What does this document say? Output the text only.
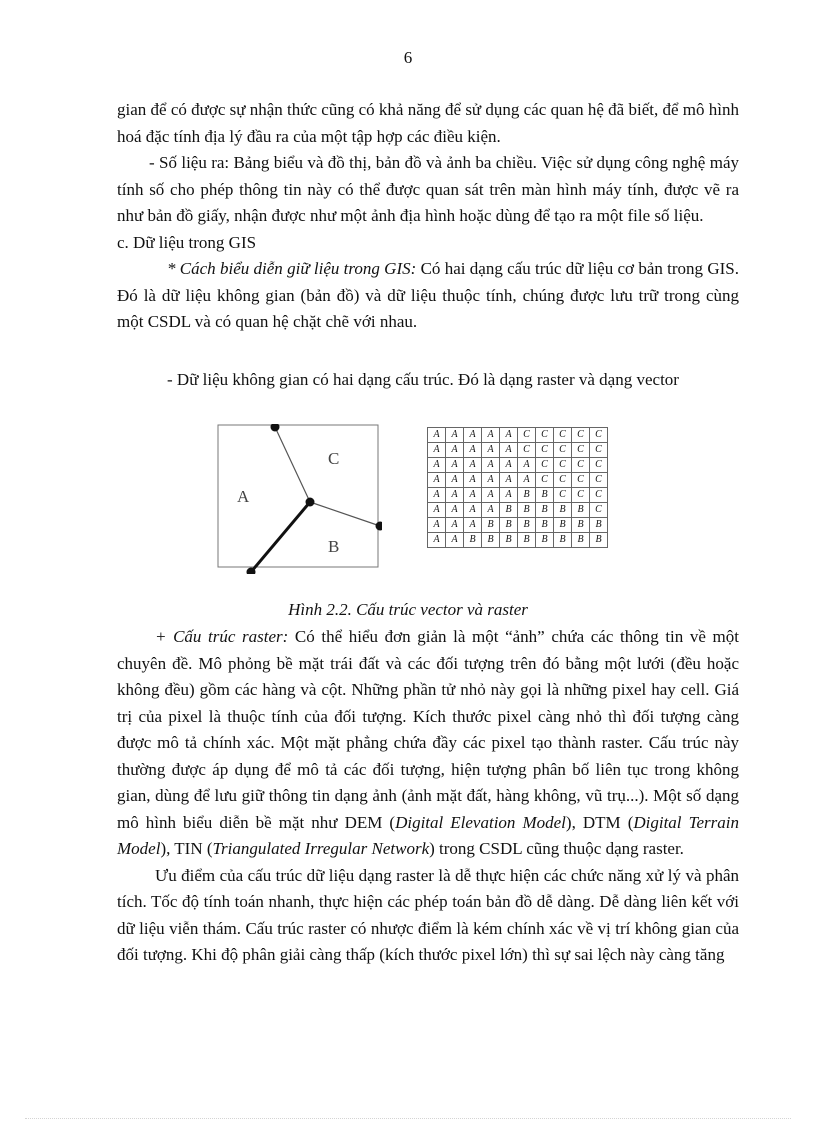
6

gian để có được sự nhận thức cũng có khả năng để sử dụng các quan hệ đã biết, để mô hình hoá đặc tính địa lý đầu ra của một tập hợp các điều kiện.

- Số liệu ra: Bảng biểu và đồ thị, bản đồ và ảnh ba chiều. Việc sử dụng công nghệ máy tính số cho phép thông tin này có thể được quan sát trên màn hình máy tính, được vẽ ra như bản đồ giấy, nhận được như một ảnh địa hình hoặc dùng để tạo ra một file số liệu.

c. Dữ liệu trong GIS

* Cách biểu diễn giữ liệu trong GIS: Có hai dạng cấu trúc dữ liệu cơ bản trong GIS. Đó là dữ liệu không gian (bản đồ) và dữ liệu thuộc tính, chúng được lưu trữ trong cùng một CSDL và có quan hệ chặt chẽ với nhau.

- Dữ liệu không gian có hai dạng cấu trúc. Đó là dạng raster và dạng vector

A
C
B
A	A	A	A	A	C	C	C	C	C
A	A	A	A	A	C	C	C	C	C
A	A	A	A	A	A	C	C	C	C
A	A	A	A	A	A	C	C	C	C
A	A	A	A	A	B	B	C	C	C
A	A	A	A	B	B	B	B	B	C
A	A	A	B	B	B	B	B	B	B
A	A	B	B	B	B	B	B	B	B
Hình 2.2. Cấu trúc vector và raster

+ Cấu trúc raster: Có thể hiểu đơn giản là một “ảnh” chứa các thông tin về một chuyên đề. Mô phỏng bề mặt trái đất và các đối tượng trên đó bằng một lưới (đều hoặc không đều) gồm các hàng và cột. Những phần tử nhỏ này gọi là những pixel hay cell. Giá trị của pixel là thuộc tính của đối tượng. Kích thước pixel càng nhỏ thì đối tượng càng được mô tả chính xác. Một mặt phẳng chứa đầy các pixel tạo thành raster. Cấu trúc này thường được áp dụng để mô tả các đối tượng, hiện tượng phân bố liên tục trong không gian, dùng để lưu giữ thông tin dạng ảnh (ảnh mặt đất, hàng không, vũ trụ...). Một số dạng mô hình biểu diễn bề mặt như DEM (Digital Elevation Model), DTM (Digital Terrain Model), TIN (Triangulated Irregular Network) trong CSDL cũng thuộc dạng raster.

Ưu điểm của cấu trúc dữ liệu dạng raster là dễ thực hiện các chức năng xử lý và phân tích. Tốc độ tính toán nhanh, thực hiện các phép toán bản đồ dễ dàng. Dễ dàng liên kết với dữ liệu viễn thám. Cấu trúc raster có nhược điểm là kém chính xác về vị trí không gian của đối tượng. Khi độ phân giải càng thấp (kích thước pixel lớn) thì sự sai lệch này càng tăng
